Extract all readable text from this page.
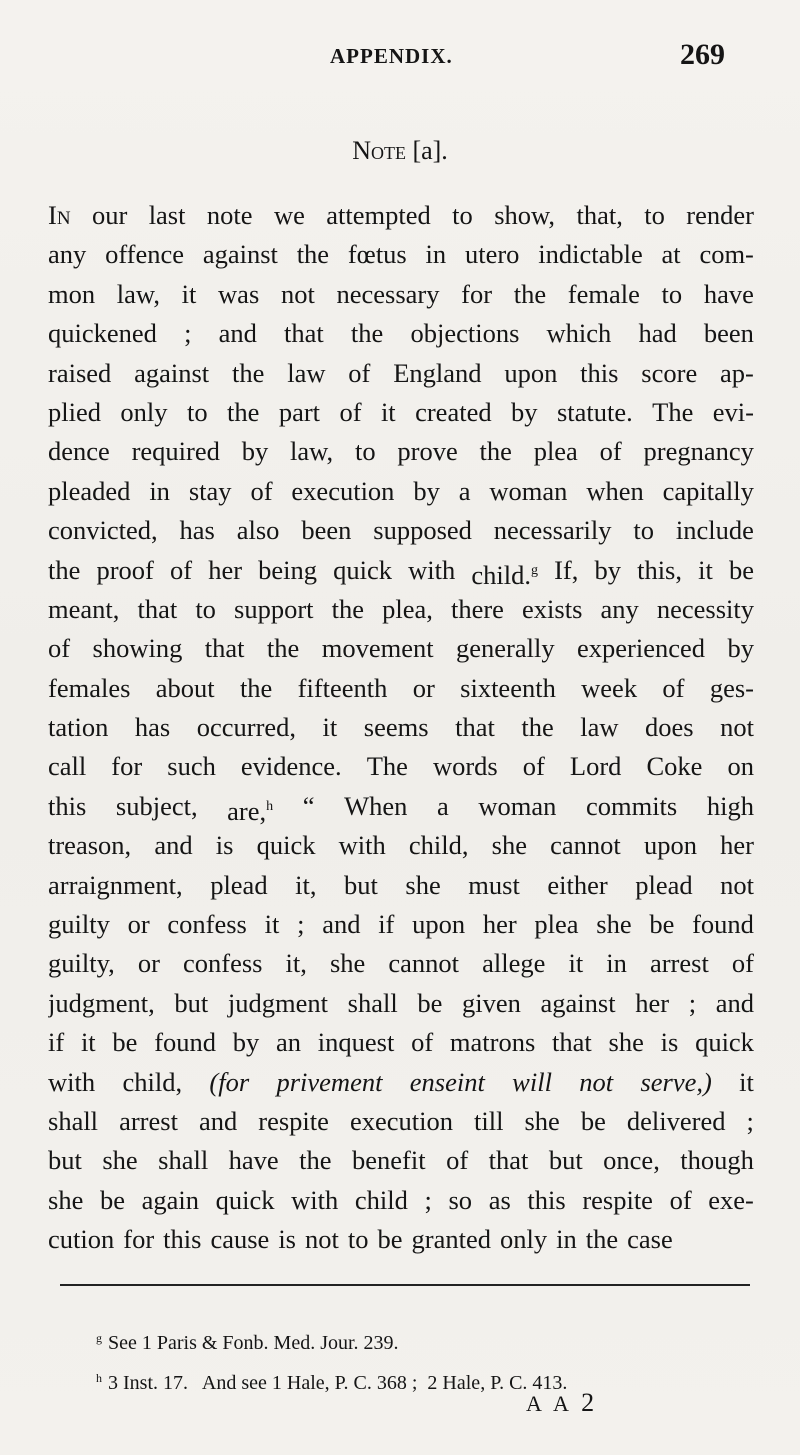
APPENDIX.	269
Note [a].
In our last note we attempted to show, that, to render
any offence against the fœtus in utero indictable at com-
mon law, it was not necessary for the female to have
quickened ; and that the objections which had been
raised against the law of England upon this score ap-
plied only to the part of it created by statute. The evi-
dence required by law, to prove the plea of pregnancy
pleaded in stay of execution by a woman when capitally
convicted, has also been supposed necessarily to include
the proof of her being quick with child.$^g$ If, by this, it be
meant, that to support the plea, there exists any necessity
of showing that the movement generally experienced by
females about the fifteenth or sixteenth week of ges-
tation has occurred, it seems that the law does not
call for such evidence. The words of Lord Coke on
this subject, are,$^h$ “ When a woman commits high
treason, and is quick with child, she cannot upon her
arraignment, plead it, but she must either plead not
guilty or confess it ; and if upon her plea she be found
guilty, or confess it, she cannot allege it in arrest of
judgment, but judgment shall be given against her ; and
if it be found by an inquest of matrons that she is quick
with child, (for privement enseint will not serve,) it
shall arrest and respite execution till she be delivered ;
but she shall have the benefit of that but once, though
she be again quick with child ; so as this respite of exe-
cution for this cause is not to be granted only in the case
$^g$ See 1 Paris & Fonb. Med. Jour. 239.
$^h$ 3 Inst. 17.   And see 1 Hale, P. C. 368 ;  2 Hale, P. C. 413.
A A 2
